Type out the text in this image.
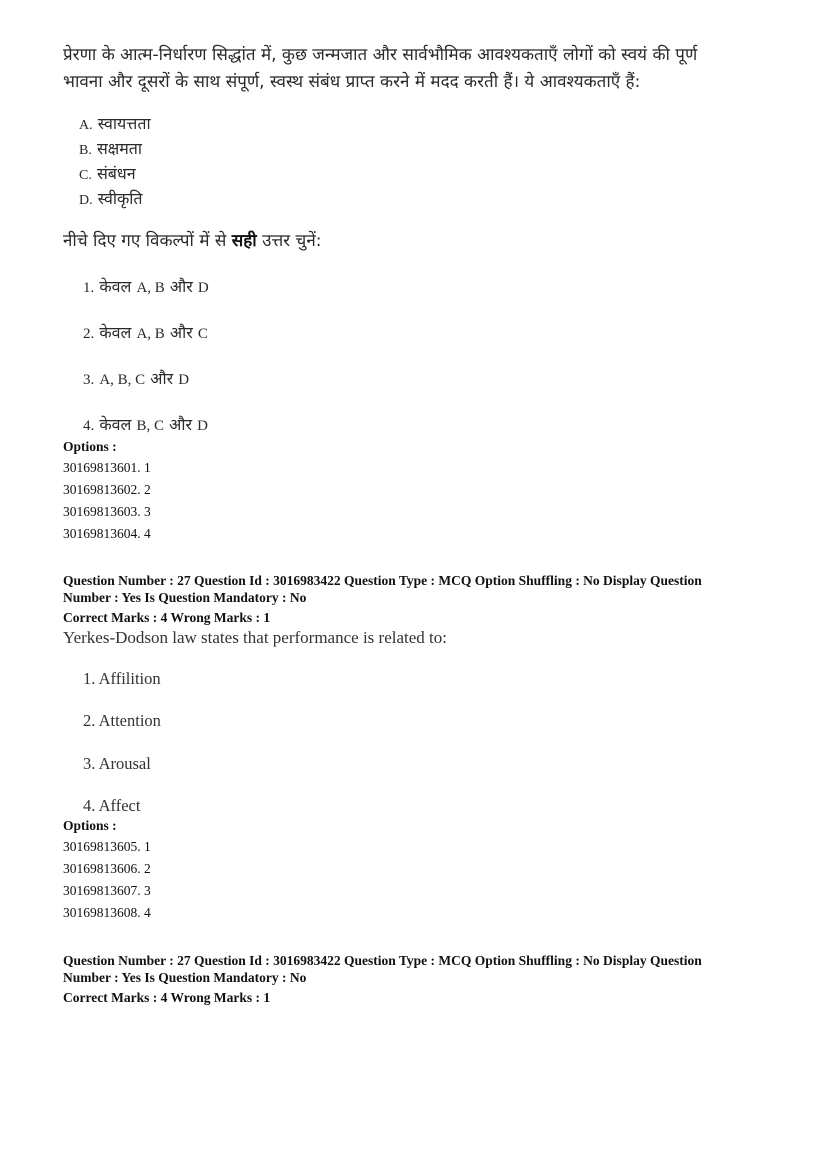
प्रेरणा के आत्म-निर्धारण सिद्धांत में, कुछ जन्मजात और सार्वभौमिक आवश्यकताएँ लोगों को स्वयं की पूर्ण
भावना और दूसरों के साथ संपूर्ण, स्वस्थ संबंध प्राप्त करने में मदद करती हैं। ये आवश्यकताएँ हैं:
A. स्वायत्तता
B. सक्षमता
C. संबंधन
D. स्वीकृति
नीचे दिए गए विकल्पों में से सही उत्तर चुनें:
1. केवल A, B और D
2. केवल A, B और C
3. A, B, C और D
4. केवल B, C और D
Options :
30169813601. 1
30169813602. 2
30169813603. 3
30169813604. 4
Question Number : 27 Question Id : 3016983422 Question Type : MCQ Option Shuffling : No Display Question
Number : Yes Is Question Mandatory : No
Correct Marks : 4 Wrong Marks : 1
Yerkes-Dodson law states that performance is related to:
1. Affilition
2. Attention
3. Arousal
4. Affect
Options :
30169813605. 1
30169813606. 2
30169813607. 3
30169813608. 4
Question Number : 27 Question Id : 3016983422 Question Type : MCQ Option Shuffling : No Display Question
Number : Yes Is Question Mandatory : No
Correct Marks : 4 Wrong Marks : 1
